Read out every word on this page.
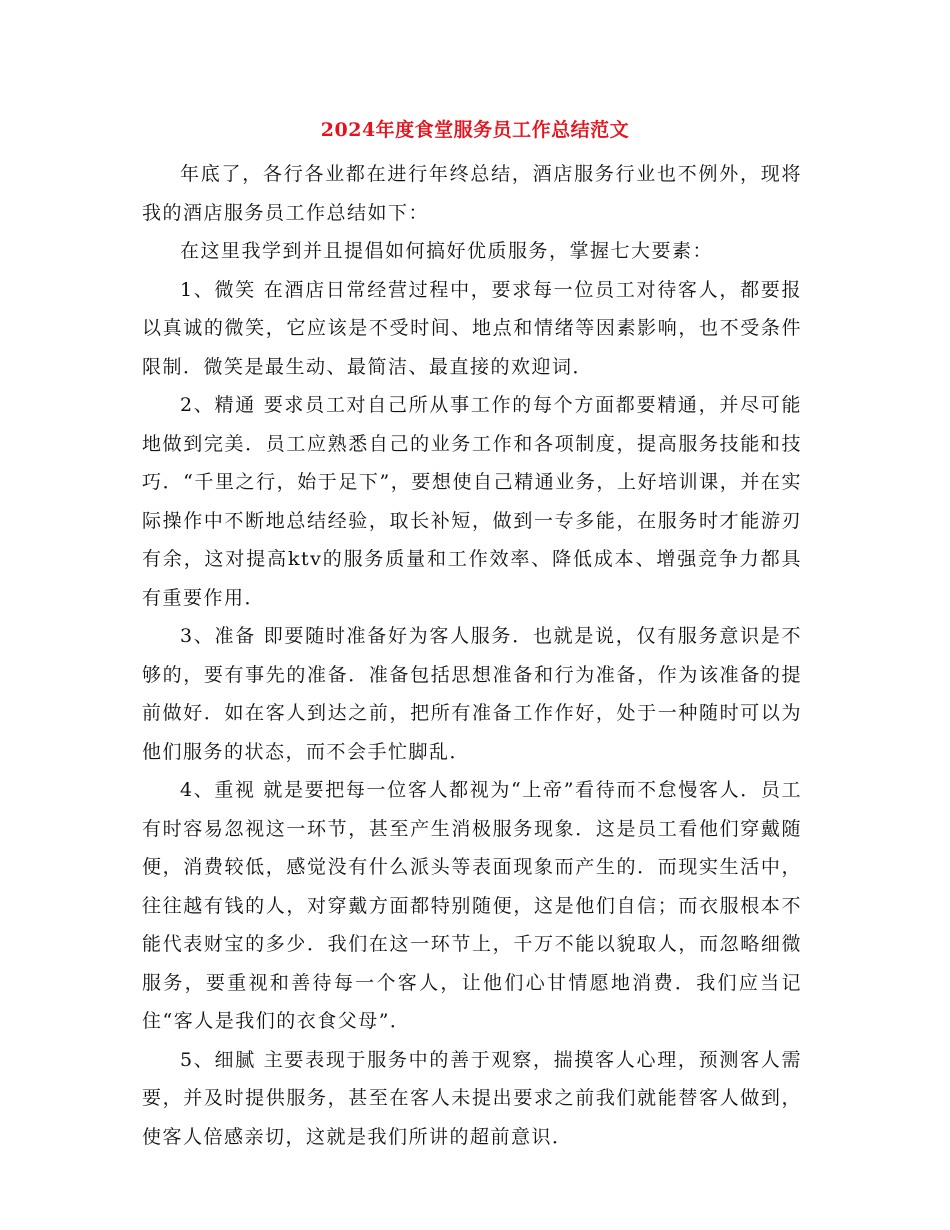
2024年度食堂服务员工作总结范文

年底了，各行各业都在进行年终总结，酒店服务行业也不例外，现将我的酒店服务员工作总结如下：

在这里我学到并且提倡如何搞好优质服务，掌握七大要素：

1、微笑 在酒店日常经营过程中，要求每一位员工对待客人，都要报以真诚的微笑，它应该是不受时间、地点和情绪等因素影响，也不受条件限制．微笑是最生动、最简洁、最直接的欢迎词．

2、精通 要求员工对自己所从事工作的每个方面都要精通，并尽可能地做到完美．员工应熟悉自己的业务工作和各项制度，提高服务技能和技巧．“千里之行，始于足下”，要想使自己精通业务，上好培训课，并在实际操作中不断地总结经验，取长补短，做到一专多能，在服务时才能游刃有余，这对提高ktv的服务质量和工作效率、降低成本、增强竞争力都具有重要作用．

3、准备 即要随时准备好为客人服务．也就是说，仅有服务意识是不够的，要有事先的准备．准备包括思想准备和行为准备，作为该准备的提前做好．如在客人到达之前，把所有准备工作作好，处于一种随时可以为他们服务的状态，而不会手忙脚乱．

4、重视 就是要把每一位客人都视为“上帝”看待而不怠慢客人．员工有时容易忽视这一环节，甚至产生消极服务现象．这是员工看他们穿戴随便，消费较低，感觉没有什么派头等表面现象而产生的．而现实生活中，往往越有钱的人，对穿戴方面都特别随便，这是他们自信；而衣服根本不能代表财宝的多少．我们在这一环节上，千万不能以貌取人，而忽略细微服务，要重视和善待每一个客人，让他们心甘情愿地消费．我们应当记住“客人是我们的衣食父母”．

5、细腻 主要表现于服务中的善于观察，揣摸客人心理，预测客人需要，并及时提供服务，甚至在客人未提出要求之前我们就能替客人做到，使客人倍感亲切，这就是我们所讲的超前意识．
